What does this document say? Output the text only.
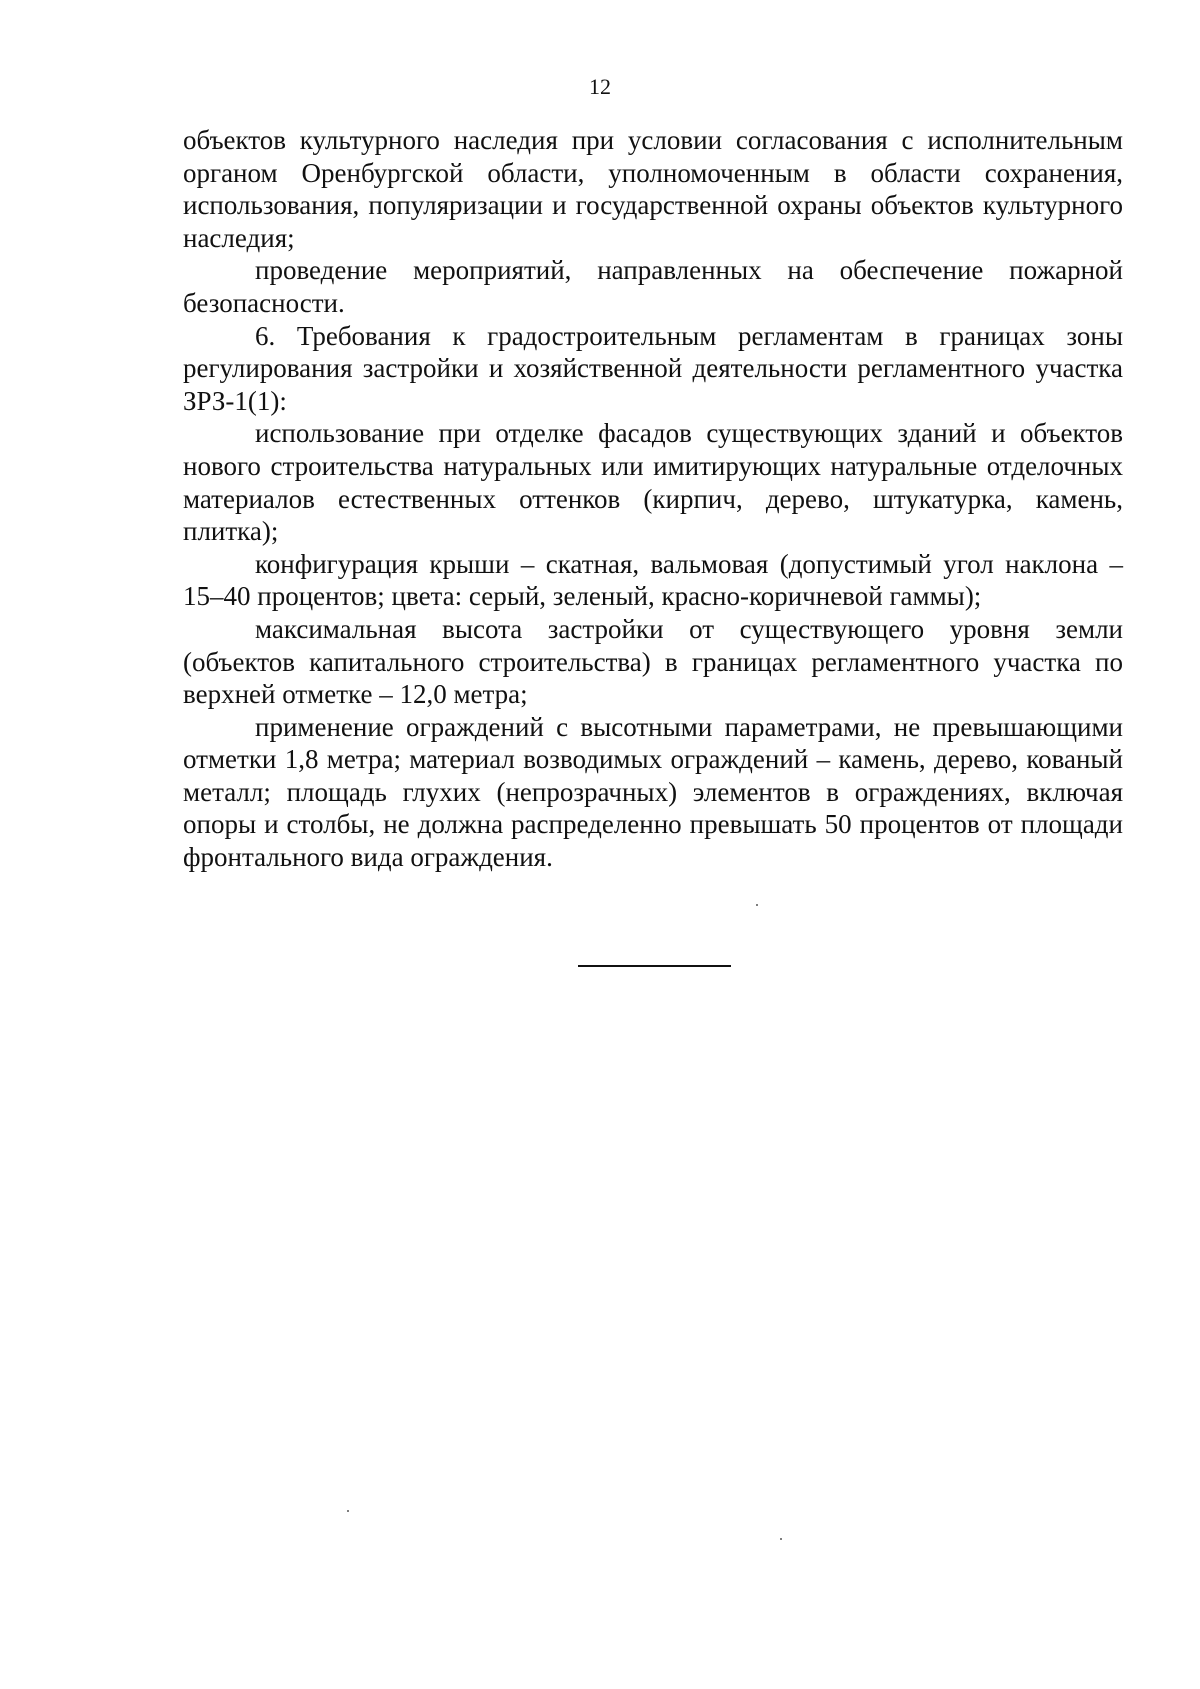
12

объектов культурного наследия при условии согласования с исполнительным органом Оренбургской области, уполномоченным в области сохранения, использования, популяризации и государственной охраны объектов культурного наследия;

проведение мероприятий, направленных на обеспечение пожарной безопасности.

6. Требования к градостроительным регламентам в границах зоны регулирования застройки и хозяйственной деятельности регламентного участка ЗРЗ-1(1):

использование при отделке фасадов существующих зданий и объектов нового строительства натуральных или имитирующих натуральные отделочных материалов естественных оттенков (кирпич, дерево, штукатурка, камень, плитка);

конфигурация крыши – скатная, вальмовая (допустимый угол наклона – 15–40 процентов; цвета: серый, зеленый, красно-коричневой гаммы);

максимальная высота застройки от существующего уровня земли (объектов капитального строительства) в границах регламентного участка по верхней отметке – 12,0 метра;

применение ограждений с высотными параметрами, не превышающими отметки 1,8 метра; материал возводимых ограждений – камень, дерево, кованый металл; площадь глухих (непрозрачных) элементов в ограждениях, включая опоры и столбы, не должна распределенно превышать 50 процентов от площади фронтального вида ограждения.
